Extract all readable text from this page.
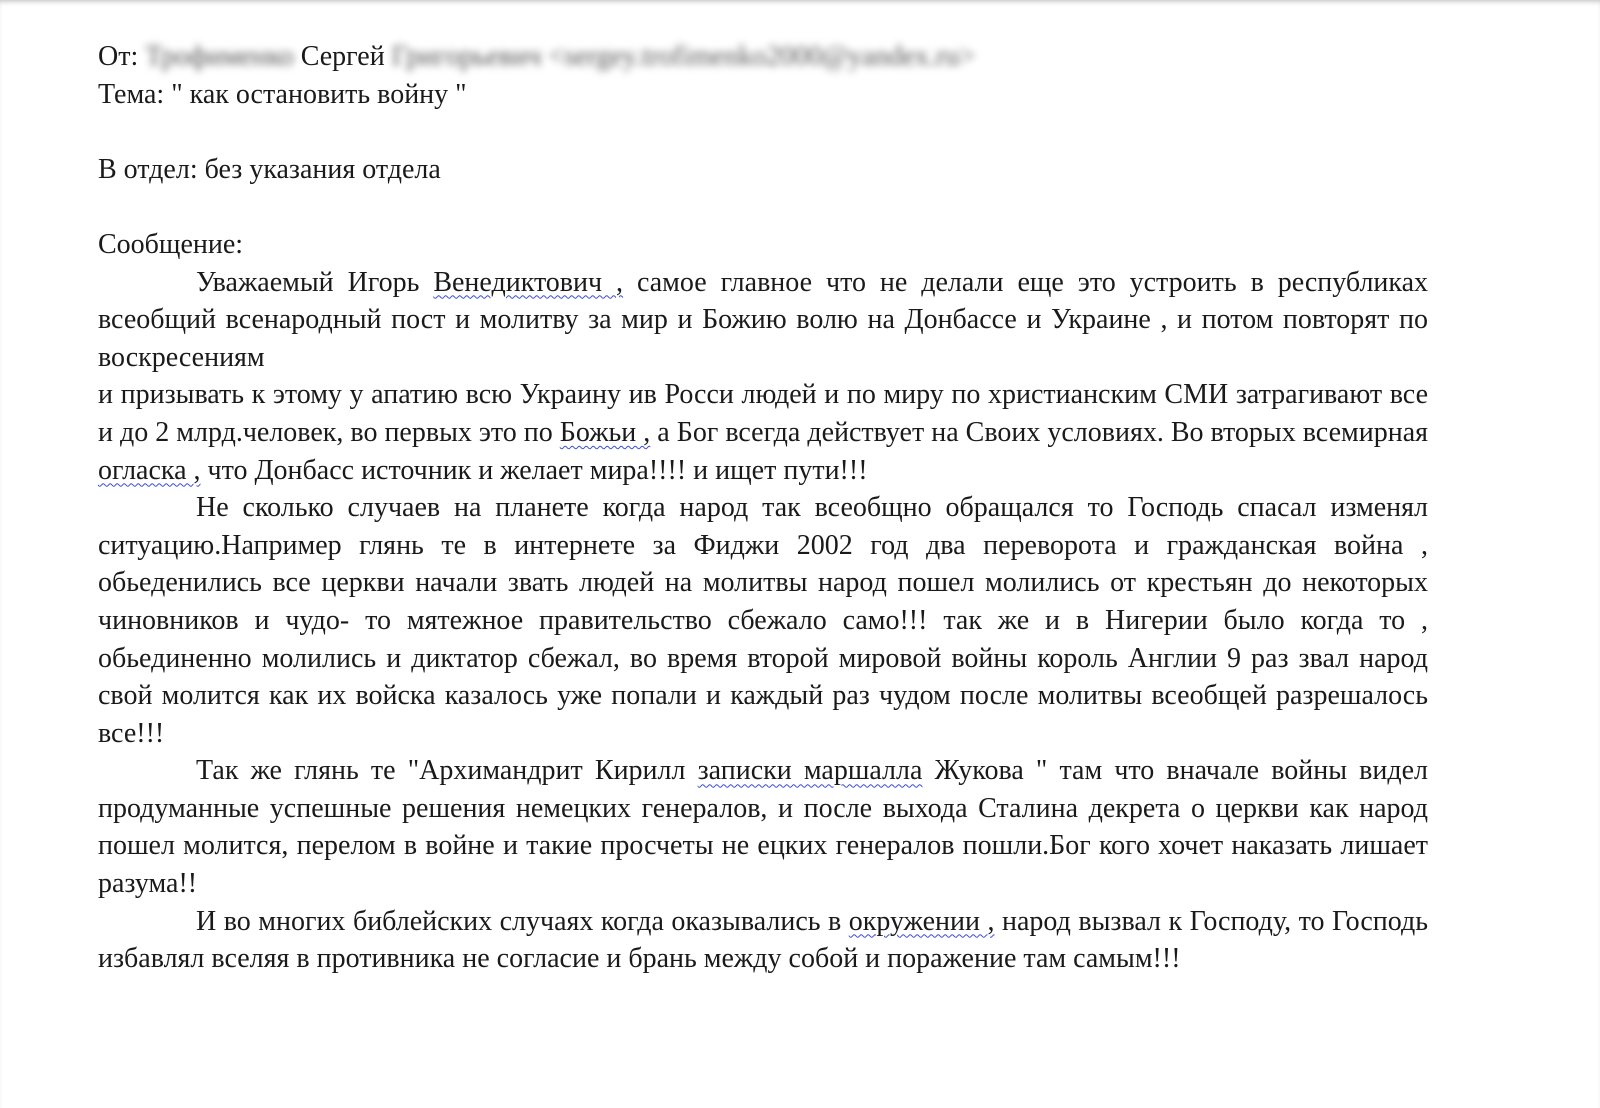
От: Трофименко Сергей Григорьевич <sergey.trofimenko2000@yandex.ru>

Тема: " как остановить войну "

В отдел: без указания отдела

Сообщение:

Уважаемый Игорь Венедиктович , самое главное что не делали еще это устроить в республиках всеобщий всенародный пост и молитву за мир и Божию волю на Донбассе и Украине , и потом повторят по воскресениям

и призывать к этому у апатию всю Украину ив Росси людей и по миру по христианским СМИ затрагивают все и до 2 млрд.человек, во первых это по Божьи , а Бог всегда действует на Своих условиях. Во вторых всемирная огласка , что Донбасс источник и желает мира!!!! и ищет пути!!!

Не сколько случаев на планете когда народ так всеобщно обращался то Господь спасал изменял ситуацию.Например глянь те в интернете за Фиджи 2002 год два переворота и гражданская война , обьеденились все церкви начали звать людей на молитвы народ пошел молились от крестьян до некоторых чиновников и чудо- то мятежное правительство сбежало само!!! так же и в Нигерии было когда то , обьединенно молились и диктатор сбежал, во время второй мировой войны король Англии 9 раз звал народ свой молится как их войска казалось уже попали и каждый раз чудом после молитвы всеобщей разрешалось все!!!

Так же глянь те "Архимандрит Кирилл записки маршалла Жукова " там что вначале войны видел продуманные успешные решения немецких генералов, и после выхода Сталина декрета о церкви как народ пошел молится, перелом в войне и такие просчеты не ецких генералов пошли.Бог кого хочет наказать лишает разума!!

И во многих библейских случаях когда оказывались в окружении , народ вызвал к Господу, то Господь избавлял вселяя в противника не согласие и брань между собой и поражение там самым!!!
